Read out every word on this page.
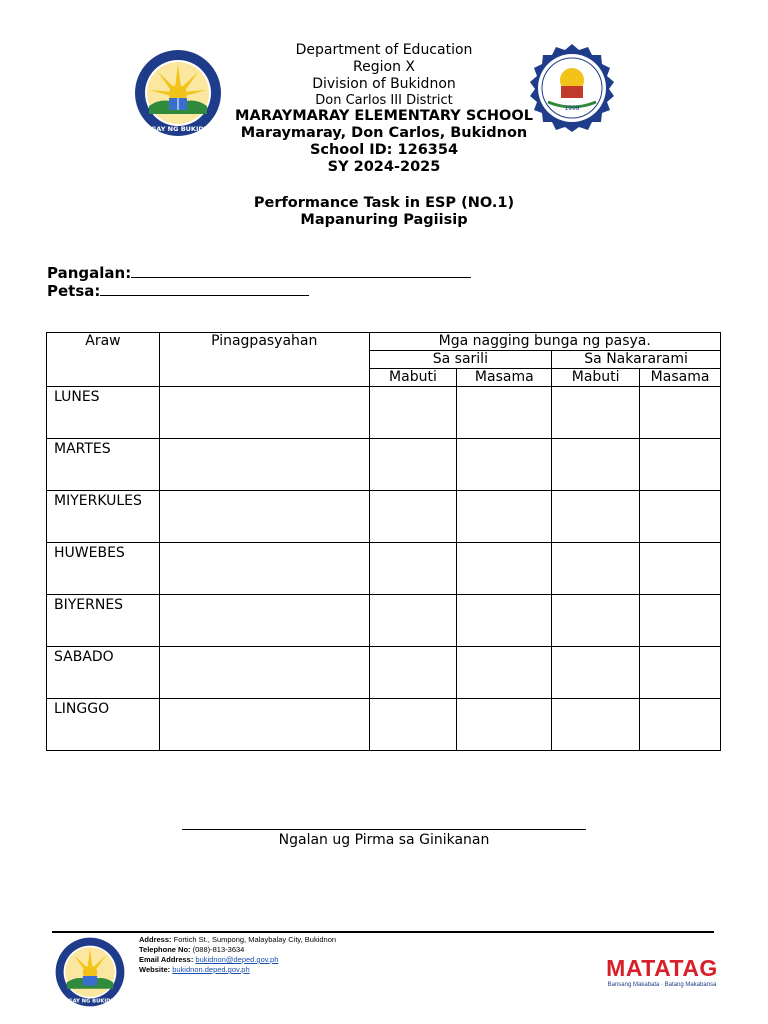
SANGAY NG BUKIDNON
1998
Department of Education
Region X
Division of Bukidnon
Don Carlos III District
MARAYMARAY ELEMENTARY SCHOOL
Maraymaray, Don Carlos, Bukidnon
School ID: 126354
SY 2024-2025
Performance Task in ESP (NO.1)
Mapanuring Pagiisip
Pangalan:
Petsa:
Araw	Pinagpasyahan	Mga nagging bunga ng pasya.			
		Sa sarili		Sa Nakararami	
		Mabuti	Masama	Mabuti	Masama
LUNES					
MARTES					
MIYERKULES					
HUWEBES					
BIYERNES					
SABADO					
LINGGO					
Ngalan ug Pirma sa Ginikanan
SANGAY NG BUKIDNON
Address: Fortich St., Sumpong, Malaybalay City, Bukidnon
Telephone No: (088)-813-3634
Email Address: bukidnon@deped.gov.ph
Website: bukidnon.deped.gov.ph	MATATAG
Bansang Makabata · Batang Makabansa
